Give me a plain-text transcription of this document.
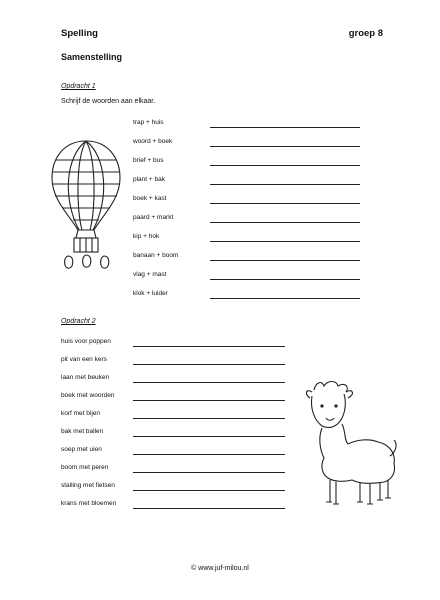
Spelling	groep 8
Samenstelling
Opdracht 1
Schrijf de woorden aan elkaar.
trap + huis
woord + boek
brief + bus
plant + bak
boek + kast
paard + markt
kip + hok
banaan + boom
vlag + mast
klok + luider
Opdracht 2
huis voor poppen
pit van een kers
laan met beuken
boek met woorden
korf met bijen
bak met ballen
soep met uien
boom met peren
stalling met fietsen
krans met bloemen
© www.juf-milou.nl
